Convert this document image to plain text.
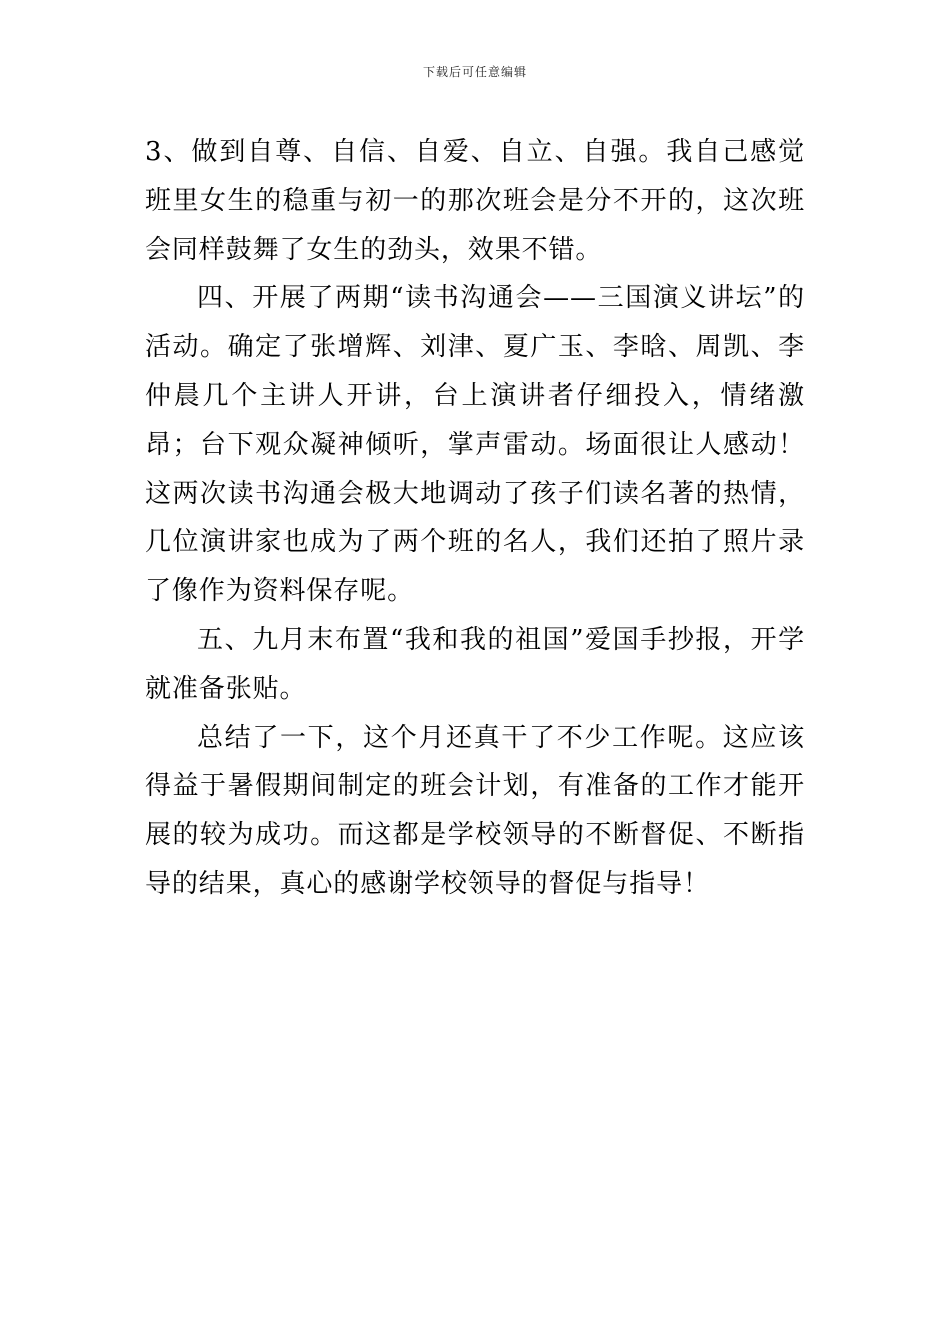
下载后可任意编辑

3、做到自尊、自信、自爱、自立、自强。我自己感觉班里女生的稳重与初一的那次班会是分不开的，这次班会同样鼓舞了女生的劲头，效果不错。

四、开展了两期“读书沟通会——三国演义讲坛”的活动。确定了张增辉、刘津、夏广玉、李晗、周凯、李仲晨几个主讲人开讲，台上演讲者仔细投入，情绪激昂；台下观众凝神倾听，掌声雷动。场面很让人感动！这两次读书沟通会极大地调动了孩子们读名著的热情，几位演讲家也成为了两个班的名人，我们还拍了照片录了像作为资料保存呢。

五、九月末布置“我和我的祖国”爱国手抄报，开学就准备张贴。

总结了一下，这个月还真干了不少工作呢。这应该得益于暑假期间制定的班会计划，有准备的工作才能开展的较为成功。而这都是学校领导的不断督促、不断指导的结果，真心的感谢学校领导的督促与指导！
